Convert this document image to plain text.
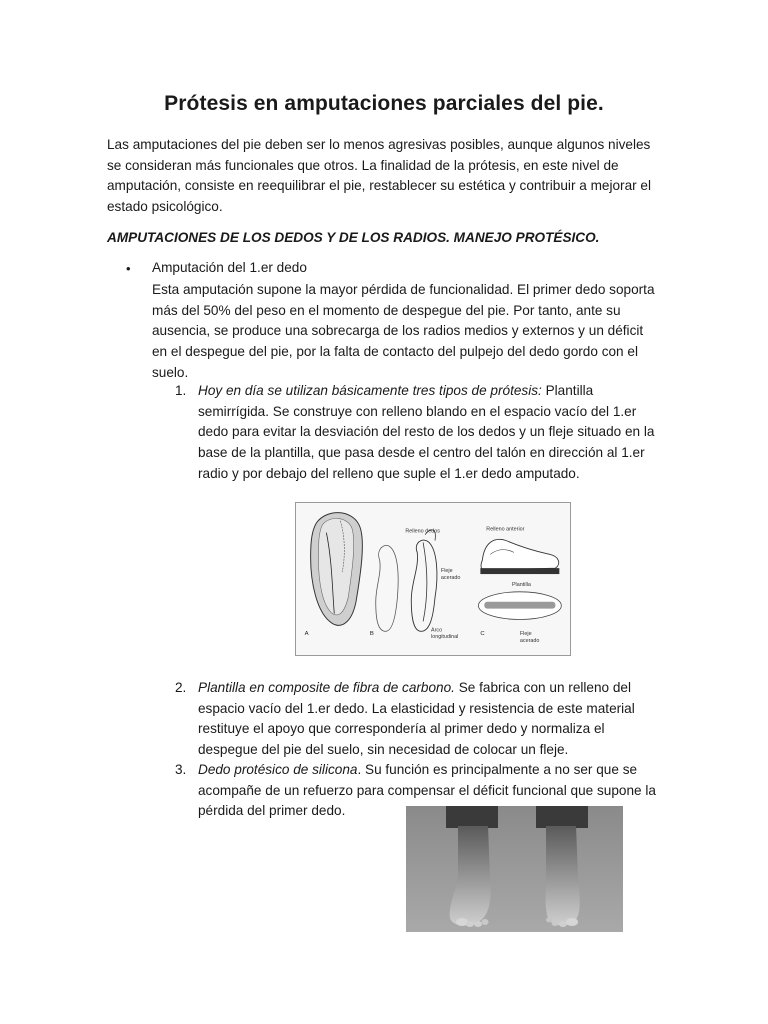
Prótesis en amputaciones parciales del pie.

Las amputaciones del pie deben ser lo menos agresivas posibles, aunque algunos niveles se consideran más funcionales que otros. La finalidad de la prótesis, en este nivel de amputación, consiste en reequilibrar el pie, restablecer su estética y contribuir a mejorar el estado psicológico.

AMPUTACIONES DE LOS DEDOS Y DE LOS RADIOS. MANEJO PROTÉSICO.

• Amputación del 1.er dedo

Esta amputación supone la mayor pérdida de funcionalidad. El primer dedo soporta más del 50% del peso en el momento de despegue del pie. Por tanto, ante su ausencia, se produce una sobrecarga de los radios medios y externos y un déficit en el despegue del pie, por la falta de contacto del pulpejo del dedo gordo con el suelo.

1. Hoy en día se utilizan básicamente tres tipos de prótesis: Plantilla semirrígida. Se construye con relleno blando en el espacio vacío del 1.er dedo para evitar la desviación del resto de los dedos y un fleje situado en la base de la plantilla, que pasa desde el centro del talón en dirección al 1.er radio y por debajo del relleno que suple el 1.er dedo amputado.

Relleno dedos
Fleje
acerado
Arco
longitudinal
Relleno anterior
Plantilla
Fleje
acerado
A	B	C
2. Plantilla en composite de fibra de carbono. Se fabrica con un relleno del espacio vacío del 1.er dedo. La elasticidad y resistencia de este material restituye el apoyo que correspondería al primer dedo y normaliza el despegue del pie del suelo, sin necesidad de colocar un fleje.

3. Dedo protésico de silicona. Su función es principalmente a no ser que se acompañe de un refuerzo para compensar el déficit funcional que supone la pérdida del primer dedo.
